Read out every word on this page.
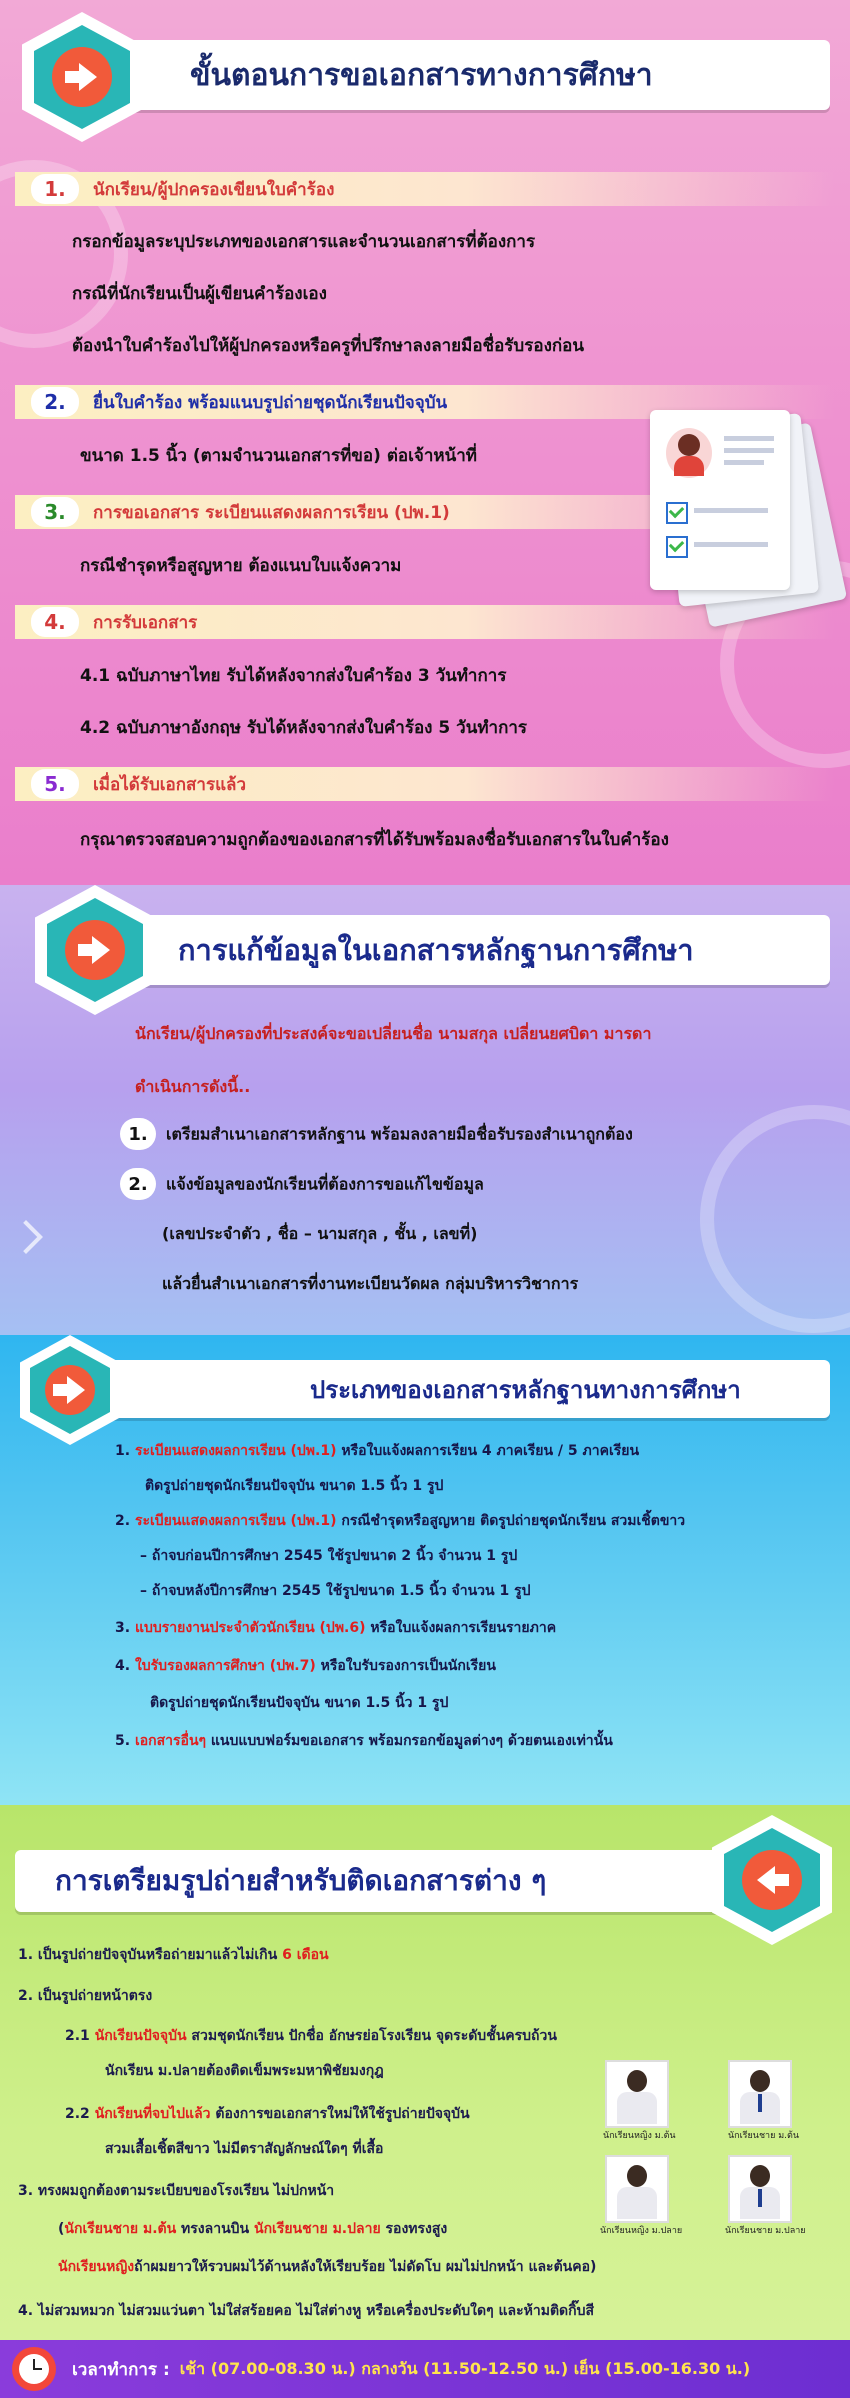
ขั้นตอนการขอเอกสารทางการศึกษา
1.	นักเรียน/ผู้ปกครองเขียนใบคำร้อง
กรอกข้อมูลระบุประเภทของเอกสารและจำนวนเอกสารที่ต้องการ
กรณีที่นักเรียนเป็นผู้เขียนคำร้องเอง
ต้องนำใบคำร้องไปให้ผู้ปกครองหรือครูที่ปรึกษาลงลายมือชื่อรับรองก่อน
2.	ยื่นใบคำร้อง พร้อมแนบรูปถ่ายชุดนักเรียนปัจจุบัน
ขนาด 1.5 นิ้ว (ตามจำนวนเอกสารที่ขอ) ต่อเจ้าหน้าที่
3.	การขอเอกสาร ระเบียนแสดงผลการเรียน (ปพ.1)
กรณีชำรุดหรือสูญหาย ต้องแนบใบแจ้งความ
4.	การรับเอกสาร
4.1 ฉบับภาษาไทย รับได้หลังจากส่งใบคำร้อง 3 วันทำการ
4.2 ฉบับภาษาอังกฤษ รับได้หลังจากส่งใบคำร้อง 5 วันทำการ
5.	เมื่อได้รับเอกสารแล้ว
กรุณาตรวจสอบความถูกต้องของเอกสารที่ได้รับพร้อมลงชื่อรับเอกสารในใบคำร้อง
การแก้ข้อมูลในเอกสารหลักฐานการศึกษา
นักเรียน/ผู้ปกครองที่ประสงค์จะขอเปลี่ยนชื่อ นามสกุล เปลี่ยนยศบิดา มารดา
ดำเนินการดังนี้..
1. เตรียมสำเนาเอกสารหลักฐาน พร้อมลงลายมือชื่อรับรองสำเนาถูกต้อง
2. แจ้งข้อมูลของนักเรียนที่ต้องการขอแก้ไขข้อมูล
(เลขประจำตัว , ชื่อ – นามสกุล , ชั้น , เลขที่)
แล้วยื่นสำเนาเอกสารที่งานทะเบียนวัดผล กลุ่มบริหารวิชาการ
ประเภทของเอกสารหลักฐานทางการศึกษา
1. ระเบียนแสดงผลการเรียน (ปพ.1) หรือใบแจ้งผลการเรียน 4 ภาคเรียน / 5 ภาคเรียน
ติดรูปถ่ายชุดนักเรียนปัจจุบัน ขนาด 1.5 นิ้ว 1 รูป
2. ระเบียนแสดงผลการเรียน (ปพ.1) กรณีชำรุดหรือสูญหาย ติดรูปถ่ายชุดนักเรียน สวมเชิ้ตขาว
– ถ้าจบก่อนปีการศึกษา 2545 ใช้รูปขนาด 2 นิ้ว จำนวน 1 รูป
– ถ้าจบหลังปีการศึกษา 2545 ใช้รูปขนาด 1.5 นิ้ว จำนวน 1 รูป
3. แบบรายงานประจำตัวนักเรียน (ปพ.6) หรือใบแจ้งผลการเรียนรายภาค
4. ใบรับรองผลการศึกษา (ปพ.7) หรือใบรับรองการเป็นนักเรียน
ติดรูปถ่ายชุดนักเรียนปัจจุบัน ขนาด 1.5 นิ้ว 1 รูป
5. เอกสารอื่นๆ แนบแบบฟอร์มขอเอกสาร พร้อมกรอกข้อมูลต่างๆ ด้วยตนเองเท่านั้น
การเตรียมรูปถ่ายสำหรับติดเอกสารต่าง ๆ
1. เป็นรูปถ่ายปัจจุบันหรือถ่ายมาแล้วไม่เกิน 6 เดือน
2. เป็นรูปถ่ายหน้าตรง
2.1 นักเรียนปัจจุบัน สวมชุดนักเรียน ปักชื่อ อักษรย่อโรงเรียน จุดระดับชั้นครบถ้วน
นักเรียน ม.ปลายต้องติดเข็มพระมหาพิชัยมงกุฎ
2.2 นักเรียนที่จบไปแล้ว ต้องการขอเอกสารใหม่ให้ใช้รูปถ่ายปัจจุบัน
สวมเสื้อเชิ้ตสีขาว ไม่มีตราสัญลักษณ์ใดๆ ที่เสื้อ
3. ทรงผมถูกต้องตามระเบียบของโรงเรียน ไม่ปกหน้า
(นักเรียนชาย ม.ต้น ทรงลานบิน นักเรียนชาย ม.ปลาย รองทรงสูง
นักเรียนหญิงถ้าผมยาวให้รวบผมไว้ด้านหลังให้เรียบร้อย ไม่ดัดโบ ผมไม่ปกหน้า และต้นคอ)
4. ไม่สวมหมวก ไม่สวมแว่นตา ไม่ใส่สร้อยคอ ไม่ใส่ต่างหู หรือเครื่องประดับใดๆ และห้ามติดกิ๊บสี
นักเรียนหญิง ม.ต้น	นักเรียนชาย ม.ต้น
นักเรียนหญิง ม.ปลาย	นักเรียนชาย ม.ปลาย
เวลาทำการ : เช้า (07.00-08.30 น.) กลางวัน (11.50-12.50 น.) เย็น (15.00-16.30 น.)
